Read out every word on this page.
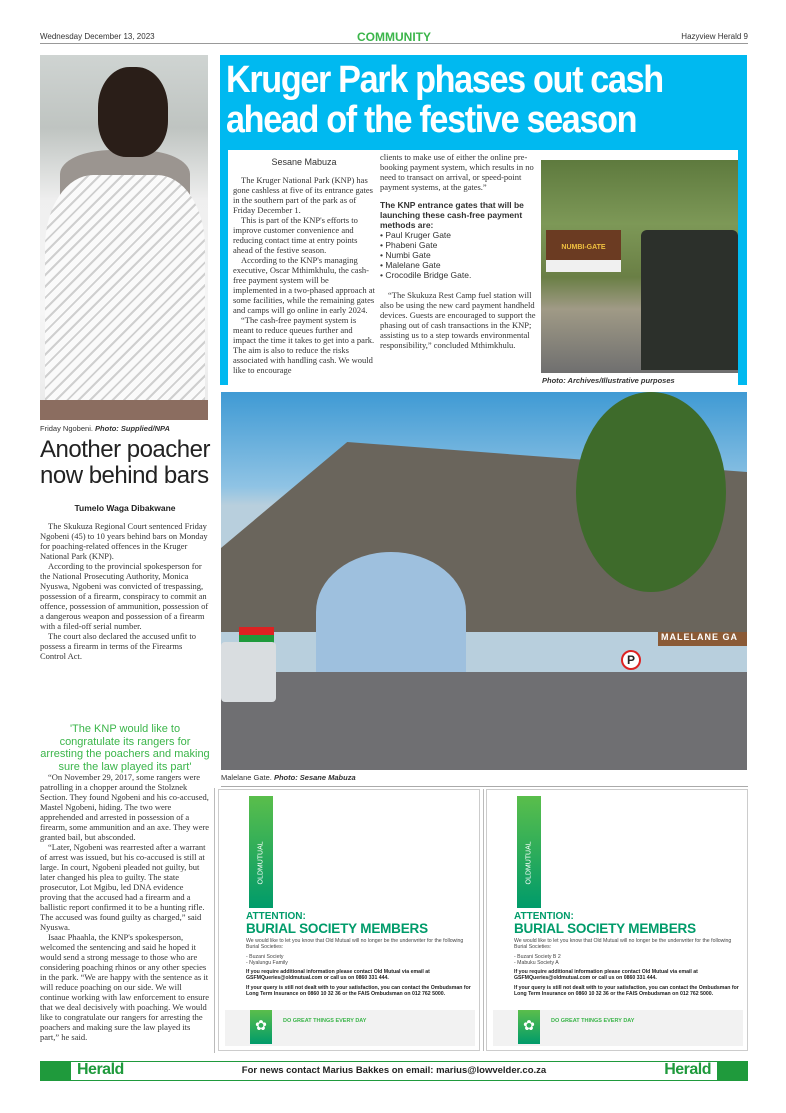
Wednesday December 13, 2023	COMMUNITY	Hazyview Herald 9
Friday Ngobeni. Photo: Supplied/NPA
Kruger Park phases out cash ahead of the festive season
Sesane Mabuza

The Kruger National Park (KNP) has gone cashless at five of its entrance gates in the southern part of the park as of Friday December 1.

This is part of the KNP's efforts to improve customer convenience and reducing contact time at entry points ahead of the festive season.

According to the KNP's managing executive, Oscar Mthimkhulu, the cash-free payment system will be implemented in a two-phased approach at some facilities, while the remaining gates and camps will go online in early 2024.

“The cash-free payment system is meant to reduce queues further and impact the time it takes to get into a park. The aim is also to reduce the risks associated with handling cash. We would like to encourage

clients to make use of either the online pre-booking payment system, which results in no need to transact on arrival, or speed-point payment systems, at the gates.”

The KNP entrance gates that will be launching these cash-free payment methods are:
• Paul Kruger Gate
• Phabeni Gate
• Numbi Gate
• Malelane Gate
• Crocodile Bridge Gate.

“The Skukuza Rest Camp fuel station will also be using the new card payment handheld devices. Guests are encouraged to support the phasing out of cash transactions in the KNP; assisting us to a step towards environmental responsibility,” concluded Mthimkhulu.

NUMBI-GATE
Photo: Archives/Illustrative purposes
MALELANE GA
P
Malelane Gate. Photo: Sesane Mabuza
Another poacher now behind bars
Tumelo Waga Dibakwane

The Skukuza Regional Court sentenced Friday Ngobeni (45) to 10 years behind bars on Monday for poaching-related offences in the Kruger National Park (KNP).

According to the provincial spokesperson for the National Prosecuting Authority, Monica Nyuswa, Ngobeni was convicted of trespassing, possession of a firearm, conspiracy to commit an offence, possession of ammunition, possession of a dangerous weapon and possession of a firearm with a filed-off serial number.

The court also declared the accused unfit to possess a firearm in terms of the Firearms Control Act.

'The KNP would like to congratulate its rangers for arresting the poachers and making sure the law played its part'

“On November 29, 2017, some rangers were patrolling in a chopper around the Stolznek Section. They found Ngobeni and his co-accused, Mastel Ngobeni, hiding. The two were apprehended and arrested in possession of a firearm, some ammunition and an axe. They were granted bail, but absconded.

“Later, Ngobeni was rearrested after a warrant of arrest was issued, but his co-accused is still at large. In court, Ngobeni pleaded not guilty, but later changed his plea to guilty. The state prosecutor, Lot Mgibu, led DNA evidence proving that the accused had a firearm and a ballistic report confirmed it to be a hunting rifle. The accused was found guilty as charged,” said Nyuswa.

Isaac Phaahla, the KNP's spokesperson, welcomed the sentencing and said he hoped it would send a strong message to those who are considering poaching rhinos or any other species in the park. “We are happy with the sentence as it will reduce poaching on our side. We will continue working with law enforcement to ensure that we deal decisively with poaching. We would like to congratulate our rangers for arresting the poachers and making sure the law played its part,” he said.

OLDMUTUAL
ATTENTION:
BURIAL SOCIETY MEMBERS
We would like to let you know that Old Mutual will no longer be the underwriter for the following Burial Societies:
- Buzani Society
- Nyalungu Family
If you require additional information please contact Old Mutual via email at GSFMQueries@oldmutual.com or call us on 0860 331 444.
If your query is still not dealt with to your satisfaction, you can contact the Ombudsman for Long Term Insurance on 0860 10 32 36 or the FAIS Ombudsman on 012 762 5000.
✿	DO GREAT THINGS EVERY DAY
OLDMUTUAL
ATTENTION:
BURIAL SOCIETY MEMBERS
We would like to let you know that Old Mutual will no longer be the underwriter for the following Burial Societies:
- Buzani Society B 2
- Mabuku Society A
If you require additional information please contact Old Mutual via email at GSFMQueries@oldmutual.com or call us on 0860 331 444.
If your query is still not dealt with to your satisfaction, you can contact the Ombudsman for Long Term Insurance on 0860 10 32 36 or the FAIS Ombudsman on 012 762 5000.
✿	DO GREAT THINGS EVERY DAY
Herald	For news contact Marius Bakkes on email: marius@lowvelder.co.za	Herald
